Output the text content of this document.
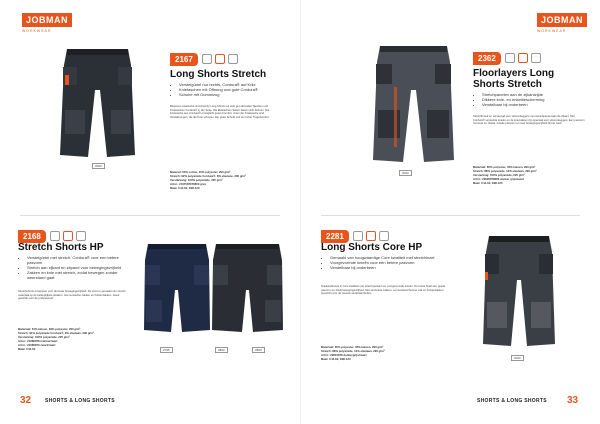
JOBMAN
WORKWEAR
2000
2167
Long Shorts Stretch
• Verstelgürtel nur rechts, Cordura® auf Knie
• Knietaschen mit Öffnung und gute Cordura®
• Schuhe mit Gummizug
Bequeme elastische und stretchy Long Shorts mit sehr gut sitzenden Taschen und Knietaschen Cordura® in der Seite. Die Elastischen Seiten lassen sich dehnen. Die Knietasche aus Cordura® ermöglicht guten Komfort. Unter der Knietasche sind Verstärkungen, die die Knie schonen. Ein guter Schnitt und ein hoher Tragekomfort.
Material: 60% cotton, 40% polyester, 290 g/m²
Stretch: 92% polyamide Cordura®, 8% elastane, 290 g/m²
Verstärkung: 100% polyamide, 225 g/m²
Artnr.: 2167087078800 grey
Maat: C44-62, D96-120
2168
Stretch Shorts HP
• Verstelgürtel met stretch, Cordura® voor een betere pasvorm
• Stretch aan zijkant en zitpand voor bewegingsvrijheid
• Zakken en knie met stretch, zodat bewegen zonder weerstand gaat
Stretchshorts ontworpen voor de beste bewegingsvrijheid. De short is gemaakt van stretch materiaal op de belangrijkste plekken, met versterkte zakken en holsterzakken. Goed geschikt voor de professional.
Materiaal: 61% katoen, 39% polyester, 290 g/m²
Stretch: 91% polyamide Cordura®, 9% elastaan, 290 g/m²
Versterking: 100% polyamide, 225 g/m²
Artnr.: 21680878 marine/zwart
Artnr.: 21680870 zwart/zwart
Maat: C44-62	2795	2800	2800
32	SHORTS & LONG SHORTS
JOBMAN
WORKWEAR
2000
2362
Floorlayers Long Shorts Stretch
• Stretchpanelen aan de zijkantzijde
• Dikkere knie- en enkelbescherming
• Verstelbaar bij onderbeen
Stretchbroek en verstevigd voor vloerenleggers met stretchpaneel aan de zijkant. Met Cordura® versterkte knieën en de kniezakken zijn speciaal voor vloerenleggers. Een pasvorm met knie en zitvlak. Goede pasvorm en veel bewegingsvrijheid bij het werk.
Materiaal: 65% polyester, 35% katoen, 290 g/m²
Stretch: 88% polyamide, 12% elastaan, 290 g/m²
Versterking: 100% polyamide, 225 g/m²
Artnr.: 23620878086 donker grijs/zwart
Maat: C44-62, D96-120
2281
Long Shorts Core HP
• Gemaakt van hoogwaardige Core kwaliteit met stretchinzet
• Voorgevormde knieën voor een betere pasvorm
• Verstelbaar bij onderbeen
Driekwartbroek in Core kwaliteit met stretchpanelen en voorgevormde knieën. De broek heeft een goede pasvorm en biedt bewegingsvrijheid. Met versterkte zakken, een kniebeschermer zak en holsterzakken. Geschikt voor de meeste werkzaamheden.
Materiaal: 65% polyester, 35% katoen, 290 g/m²
Stretch: 88% polyamide, 12% elastaan, 290 g/m²
Artnr.: 22810878 donkergrijs/zwart
Maat: C44-62, D96-120	2000
SHORTS & LONG SHORTS 33
